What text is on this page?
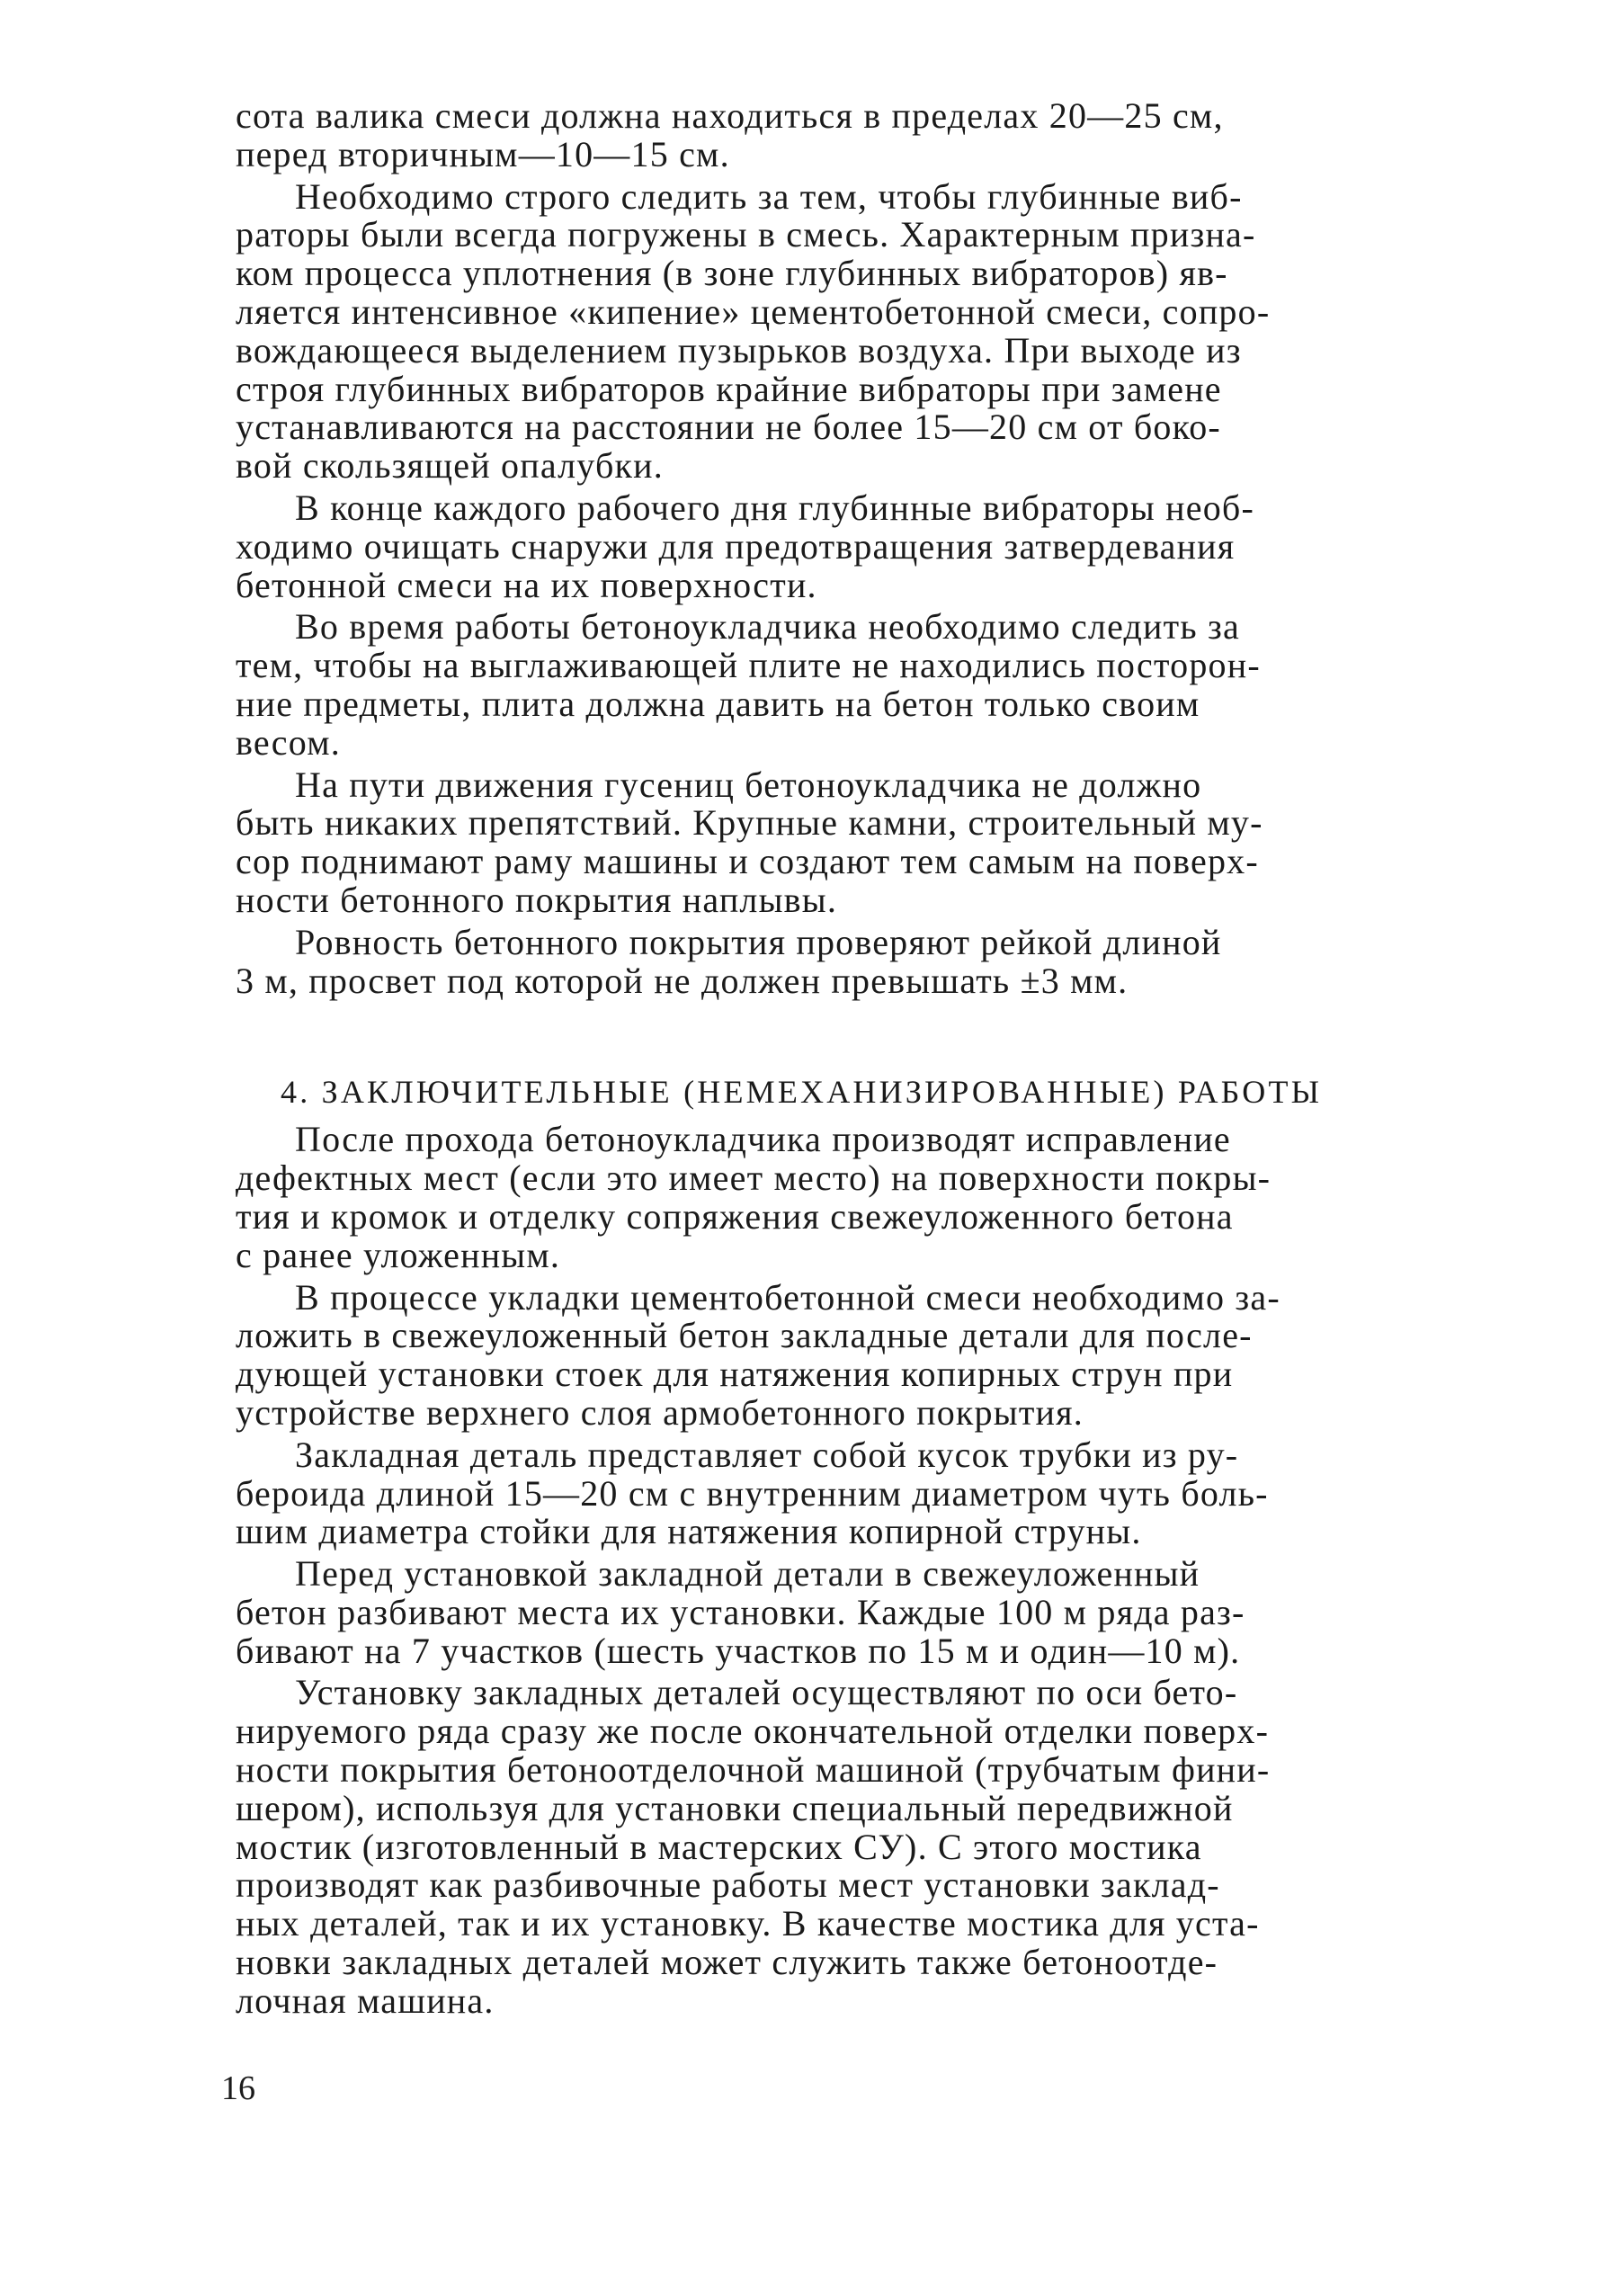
сота валика смеси должна находиться в пределах 20—25 см,
перед вторичным—10—15 см.

Необходимо строго следить за тем, чтобы глубинные виб-
раторы были всегда погружены в смесь. Характерным призна-
ком процесса уплотнения (в зоне глубинных вибраторов) яв-
ляется интенсивное «кипение» цементобетонной смеси, сопро-
вождающееся выделением пузырьков воздуха. При выходе из
строя глубинных вибраторов крайние вибраторы при замене
устанавливаются на расстоянии не более 15—20 см от боко-
вой скользящей опалубки.

В конце каждого рабочего дня глубинные вибраторы необ-
ходимо очищать снаружи для предотвращения затвердевания
бетонной смеси на их поверхности.

Во время работы бетоноукладчика необходимо следить за
тем, чтобы на выглаживающей плите не находились посторон-
ние предметы, плита должна давить на бетон только своим
весом.

На пути движения гусениц бетоноукладчика не должно
быть никаких препятствий. Крупные камни, строительный му-
сор поднимают раму машины и создают тем самым на поверх-
ности бетонного покрытия наплывы.

Ровность бетонного покрытия проверяют рейкой длиной
3 м, просвет под которой не должен превышать ±3 мм.

4. ЗАКЛЮЧИТЕЛЬНЫЕ (НЕМЕХАНИЗИРОВАННЫЕ) РАБОТЫ

После прохода бетоноукладчика производят исправление
дефектных мест (если это имеет место) на поверхности покры-
тия и кромок и отделку сопряжения свежеуложенного бетона
с ранее уложенным.

В процессе укладки цементобетонной смеси необходимо за-
ложить в свежеуложенный бетон закладные детали для после-
дующей установки стоек для натяжения копирных струн при
устройстве верхнего слоя армобетонного покрытия.

Закладная деталь представляет собой кусок трубки из ру-
бероида длиной 15—20 см с внутренним диаметром чуть боль-
шим диаметра стойки для натяжения копирной струны.

Перед установкой закладной детали в свежеуложенный
бетон разбивают места их установки. Каждые 100 м ряда раз-
бивают на 7 участков (шесть участков по 15 м и один—10 м).

Установку закладных деталей осуществляют по оси бето-
нируемого ряда сразу же после окончательной отделки поверх-
ности покрытия бетоноотделочной машиной (трубчатым фини-
шером), используя для установки специальный передвижной
мостик (изготовленный в мастерских СУ). С этого мостика
производят как разбивочные работы мест установки заклад-
ных деталей, так и их установку. В качестве мостика для уста-
новки закладных деталей может служить также бетоноотде-
лочная машина.

16
